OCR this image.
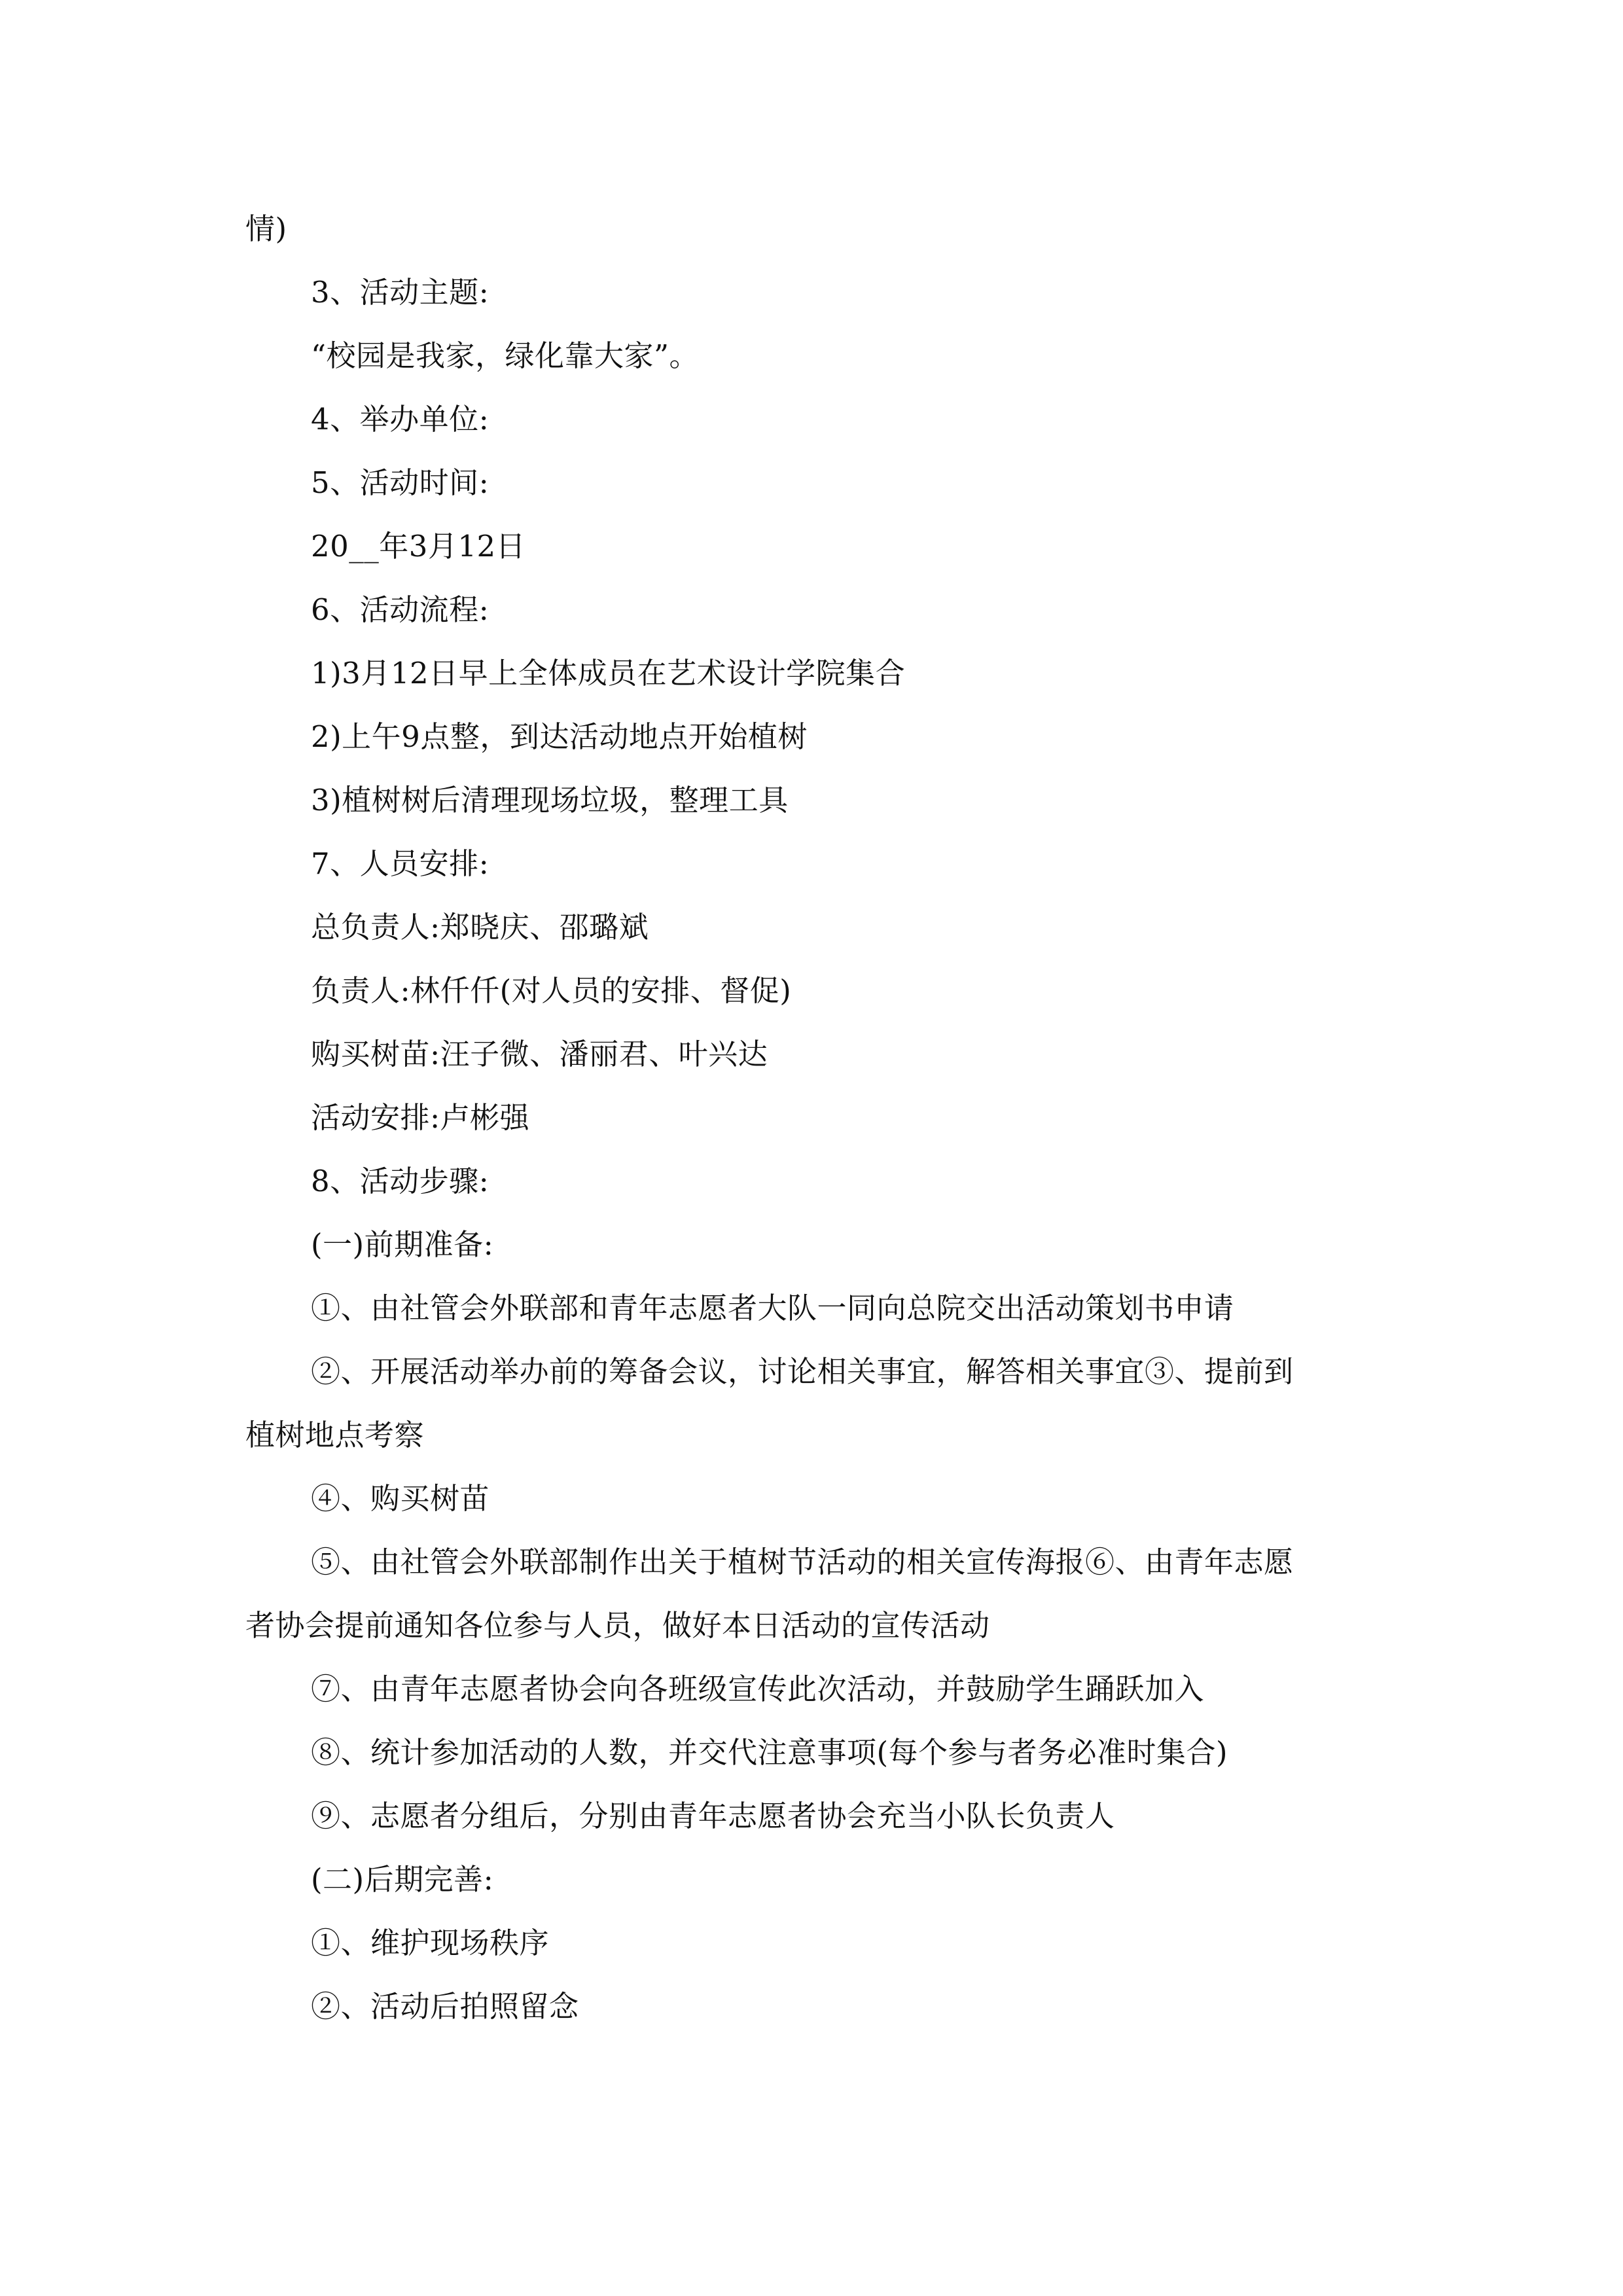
情)
3、活动主题:
“校园是我家，绿化靠大家”。
4、举办单位:
5、活动时间:
20__年3月12日
6、活动流程:
1)3月12日早上全体成员在艺术设计学院集合
2)上午9点整，到达活动地点开始植树
3)植树树后清理现场垃圾，整理工具
7、人员安排:
总负责人:郑晓庆、邵璐斌
负责人:林仟仟(对人员的安排、督促)
购买树苗:汪子微、潘丽君、叶兴达
活动安排:卢彬强
8、活动步骤:
(一)前期准备:
①、由社管会外联部和青年志愿者大队一同向总院交出活动策划书申请
②、开展活动举办前的筹备会议，讨论相关事宜，解答相关事宜③、提前到
植树地点考察
④、购买树苗
⑤、由社管会外联部制作出关于植树节活动的相关宣传海报⑥、由青年志愿
者协会提前通知各位参与人员，做好本日活动的宣传活动
⑦、由青年志愿者协会向各班级宣传此次活动，并鼓励学生踊跃加入
⑧、统计参加活动的人数，并交代注意事项(每个参与者务必准时集合)
⑨、志愿者分组后，分别由青年志愿者协会充当小队长负责人
(二)后期完善:
①、维护现场秩序
②、活动后拍照留念
